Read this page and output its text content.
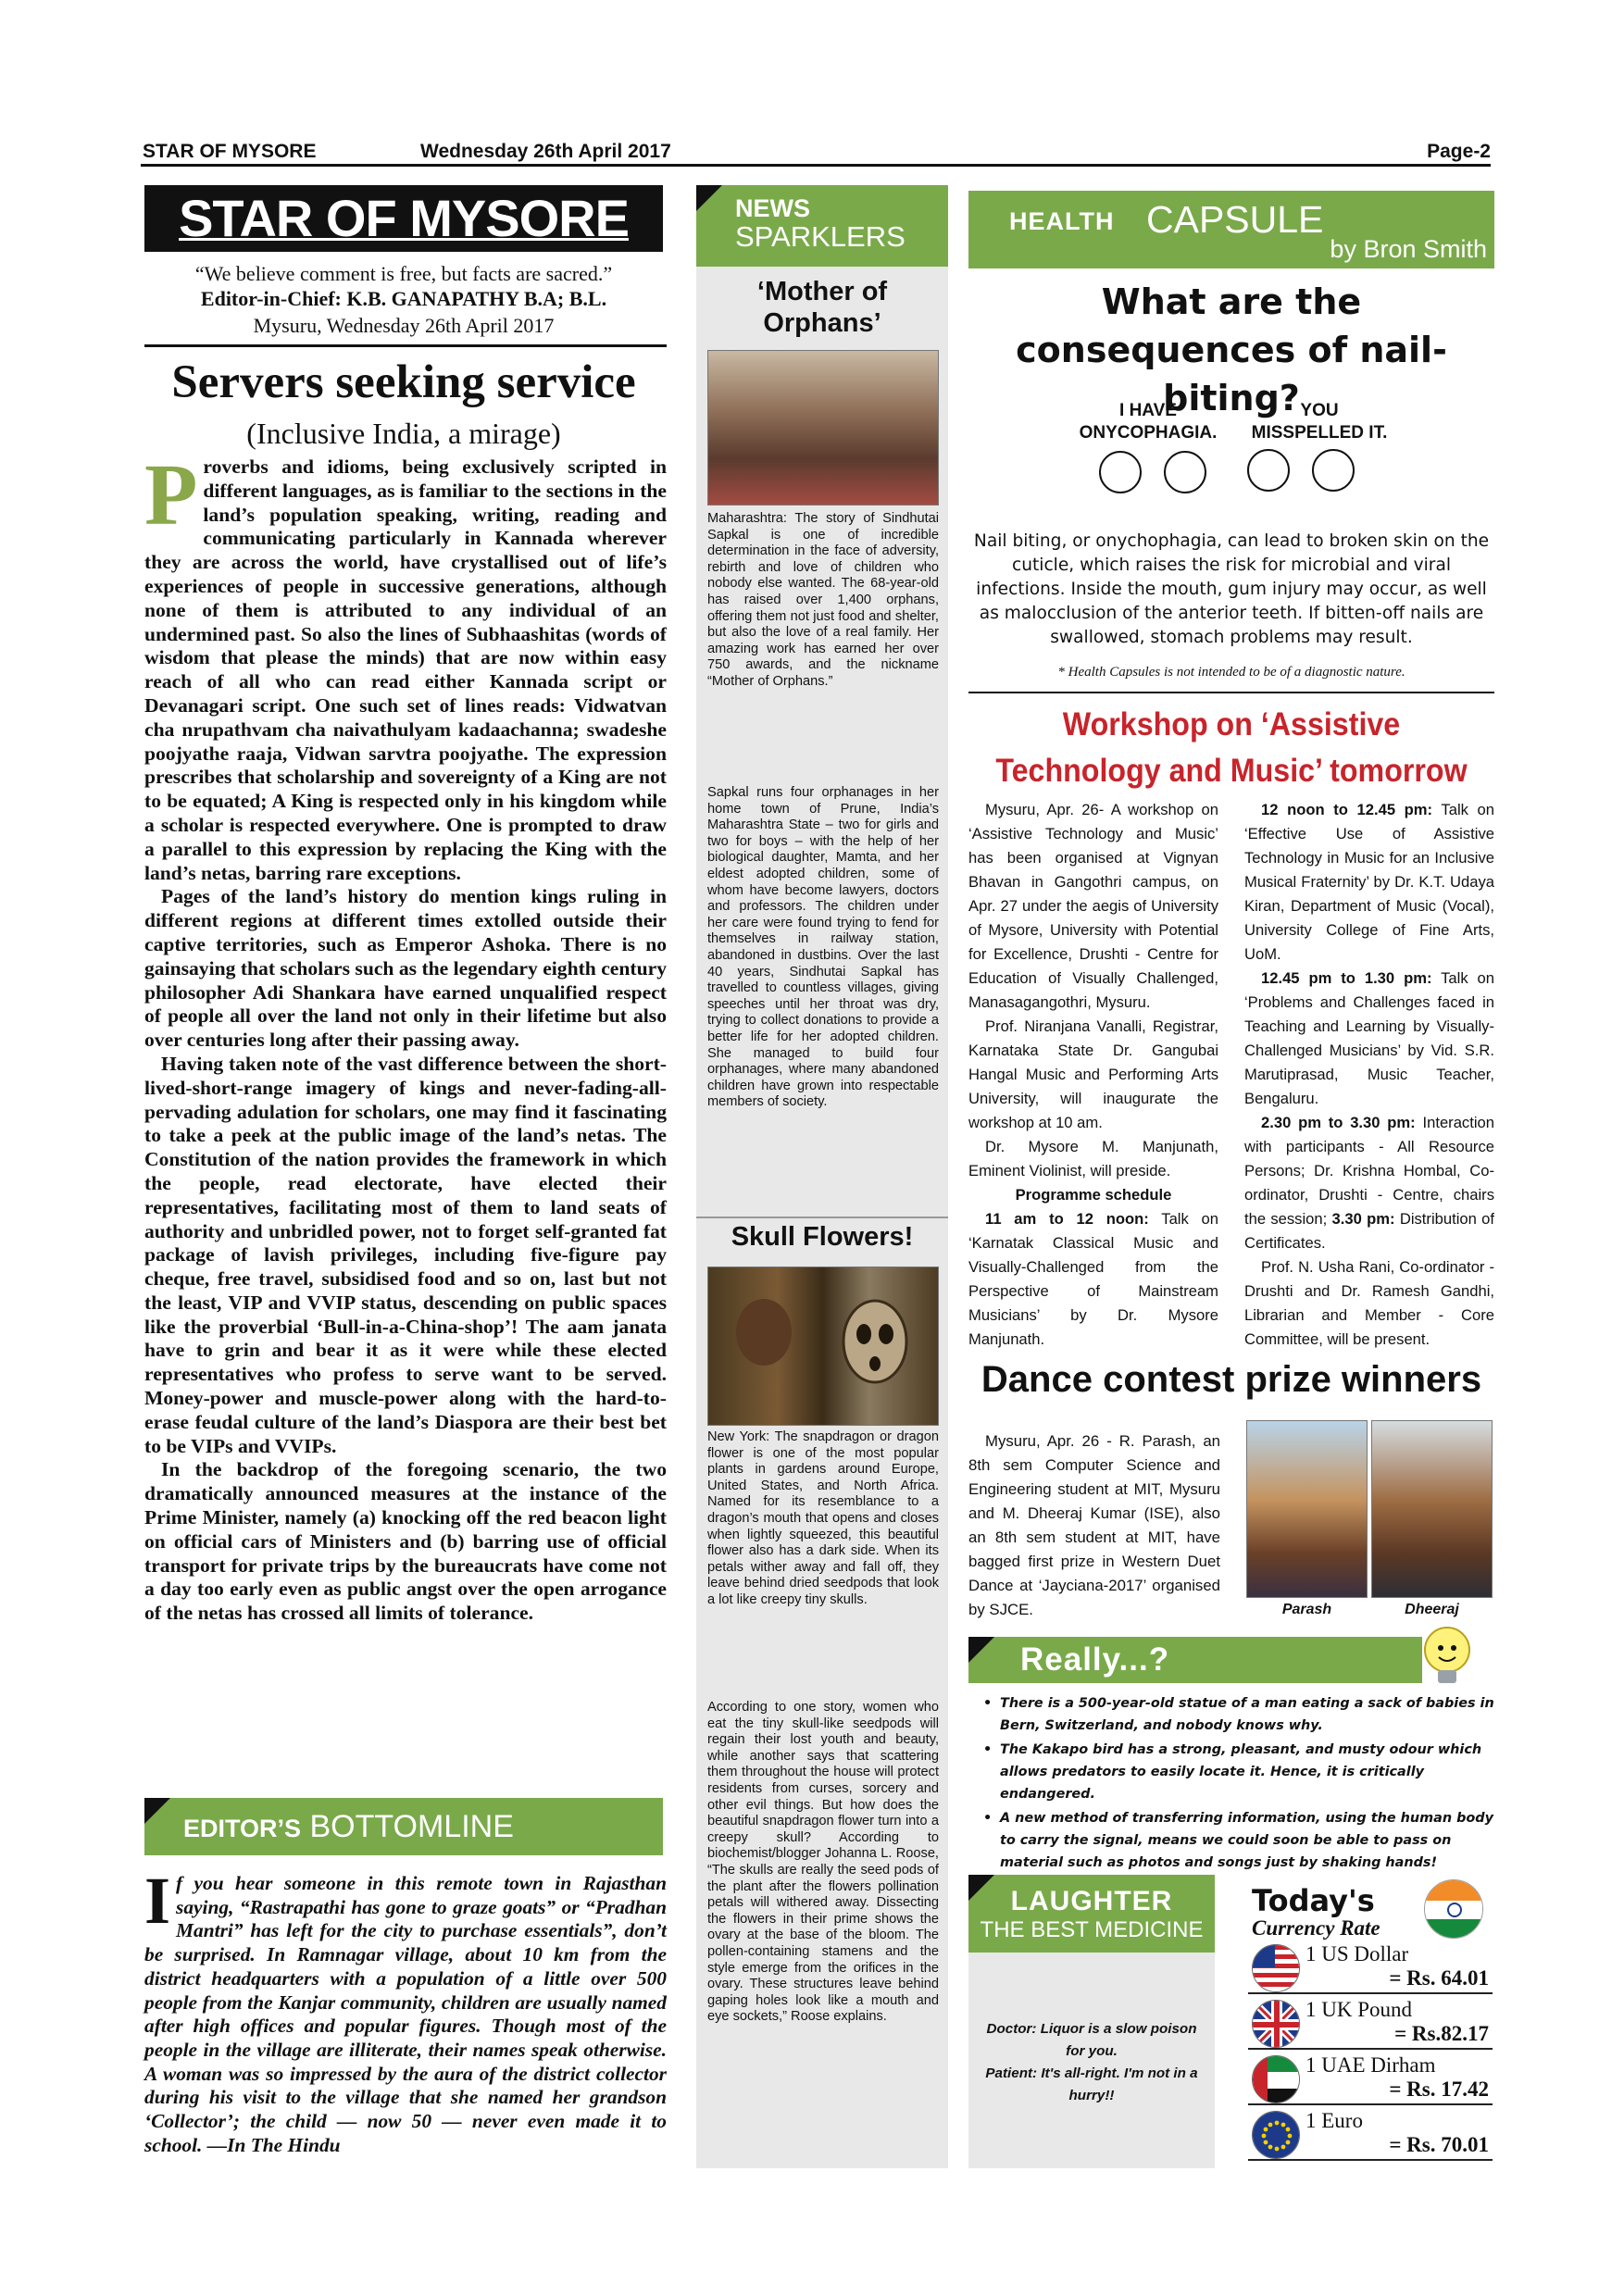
STAR OF MYSORE	Wednesday 26th April 2017	Page-2
STAR OF MYSORE
“We believe comment is free, but facts are sacred.”
Editor-in-Chief: K.B. GANAPATHY B.A; B.L.
Mysuru, Wednesday 26th April 2017
Servers seeking service
(Inclusive India, a mirage)

Proverbs and idioms, being exclusively scripted in different languages, as is familiar to the sections in the land’s population speaking, writing, reading and communicating particularly in Kannada wherever they are across the world, have crystallised out of life’s experiences of people in successive generations, although none of them is attributed to any individual of an undermined past. So also the lines of Subhaashitas (words of wisdom that please the minds) that are now within easy reach of all who can read either Kannada script or Devanagari script. One such set of lines reads: Vidwatvan cha nrupathvam cha naivathulyam kadaachanna; swadeshe poojyathe raaja, Vidwan sarvtra poojyathe. The expression prescribes that scholarship and sovereignty of a King are not to be equated; A King is respected only in his kingdom while a scholar is respected everywhere. One is prompted to draw a parallel to this expression by replacing the King with the land’s netas, barring rare exceptions.

Pages of the land’s history do mention kings ruling in different regions at different times extolled outside their captive territories, such as Emperor Ashoka. There is no gainsaying that scholars such as the legendary eighth century philosopher Adi Shankara have earned unqualified respect of people all over the land not only in their lifetime but also over centuries long after their passing away.

Having taken note of the vast difference between the short-lived-short-range imagery of kings and never-fading-all-pervading adulation for scholars, one may find it fascinating to take a peek at the public image of the land’s netas. The Constitution of the nation provides the framework in which the people, read electorate, have elected their representatives, facilitating most of them to land seats of authority and unbridled power, not to forget self-granted fat package of lavish privileges, including five-figure pay cheque, free travel, subsidised food and so on, last but not the least, VIP and VVIP status, descending on public spaces like the proverbial ‘Bull-in-a-China-shop’! The aam janata have to grin and bear it as it were while these elected representatives who profess to serve want to be served. Money-power and muscle-power along with the hard-to-erase feudal culture of the land’s Diaspora are their best bet to be VIPs and VVIPs.

In the backdrop of the foregoing scenario, the two dramatically announced measures at the instance of the Prime Minister, namely (a) knocking off the red beacon light on official cars of Ministers and (b) barring use of official transport for private trips by the bureaucrats have come not a day too early even as public angst over the open arrogance of the netas has crossed all limits of tolerance.

EDITOR’S BOTTOMLINE
If you hear someone in this remote town in Rajasthan saying, “Rastrapathi has gone to graze goats” or “Pradhan Mantri” has left for the city to purchase essentials”, don’t be surprised. In Ramnagar village, about 10 km from the district headquarters with a population of a little over 500 people from the Kanjar community, children are usually named after high offices and popular figures. Though most of the people in the village are illiterate, their names speak otherwise. A woman was so impressed by the aura of the district collector during his visit to the village that she named her grandson ‘Collector’; the child — now 50 — never even made it to school. —In The Hindu
NEWS
SPARKLERS
‘Mother of Orphans’
Maharashtra: The story of Sindhutai Sapkal is one of incredible determination in the face of adversity, rebirth and love of children who nobody else wanted. The 68-year-old has raised over 1,400 orphans, offering them not just food and shelter, but also the love of a real family. Her amazing work has earned her over 750 awards, and the nickname “Mother of Orphans.”
Sapkal runs four orphanages in her home town of Prune, India’s Maharashtra State – two for girls and two for boys – with the help of her biological daughter, Mamta, and her eldest adopted children, some of whom have become lawyers, doctors and professors. The children under her care were found trying to fend for themselves in railway station, abandoned in dustbins. Over the last 40 years, Sindhutai Sapkal has travelled to countless villages, giving speeches until her throat was dry, trying to collect donations to provide a better life for her adopted children. She managed to build four orphanages, where many abandoned children have grown into respectable members of society.
Skull Flowers!
New York: The snapdragon or dragon flower is one of the most popular plants in gardens around Europe, United States, and North Africa. Named for its resemblance to a dragon’s mouth that opens and closes when lightly squeezed, this beautiful flower also has a dark side. When its petals wither away and fall off, they leave behind dried seedpods that look a lot like creepy tiny skulls.
According to one story, women who eat the tiny skull-like seedpods will regain their lost youth and beauty, while another says that scattering them throughout the house will protect residents from curses, sorcery and other evil things. But how does the beautiful snapdragon flower turn into a creepy skull? According to biochemist/blogger Johanna L. Roose, “The skulls are really the seed pods of the plant after the flowers pollination petals will withered away. Dissecting the flowers in their prime shows the ovary at the base of the bloom. The pollen-containing stamens and the style emerge from the orifices in the ovary. These structures leave behind gaping holes look like a mouth and eye sockets,” Roose explains.
HEALTH CAPSULE
by Bron Smith
What are the consequences of nail-biting?
I HAVE ONYCOPHAGIA.
YOU MISSPELLED IT.
Nail biting, or onychophagia, can lead to broken skin on the cuticle, which raises the risk for microbial and viral infections. Inside the mouth, gum injury may occur, as well as malocclusion of the anterior teeth. If bitten-off nails are swallowed, stomach problems may result.
* Health Capsules is not intended to be of a diagnostic nature.
Workshop on ‘Assistive Technology and Music’ tomorrow

Mysuru, Apr. 26- A workshop on ‘Assistive Technology and Music’ has been organised at Vignyan Bhavan in Gangothri campus, on Apr. 27 under the aegis of University of Mysore, University with Potential for Excellence, Drushti - Centre for Education of Visually Challenged, Manasagangothri, Mysuru.

Prof. Niranjana Vanalli, Registrar, Karnataka State Dr. Gangubai Hangal Music and Performing Arts University, will inaugurate the workshop at 10 am.

Dr. Mysore M. Manjunath, Eminent Violinist, will preside.

Programme schedule

11 am to 12 noon: Talk on ‘Karnatak Classical Music and Visually-Challenged from the Perspective of Mainstream Musicians’ by Dr. Mysore Manjunath.

12 noon to 12.45 pm: Talk on ‘Effective Use of Assistive Technology in Music for an Inclusive Musical Fraternity’ by Dr. K.T. Udaya Kiran, Department of Music (Vocal), University College of Fine Arts, UoM.

12.45 pm to 1.30 pm: Talk on ‘Problems and Challenges faced in Teaching and Learning by Visually-Challenged Musicians’ by Vid. S.R. Marutiprasad, Music Teacher, Bengaluru.

2.30 pm to 3.30 pm: Interaction with participants - All Resource Persons; Dr. Krishna Hombal, Co-ordinator, Drushti - Centre, chairs the session; 3.30 pm: Distribution of Certificates.

Prof. N. Usha Rani, Co-ordinator - Drushti and Dr. Ramesh Gandhi, Librarian and Member - Core Committee, will be present.

Dance contest prize winners
Mysuru, Apr. 26 - R. Parash, an 8th sem Computer Science and Engineering student at MIT, Mysuru and M. Dheeraj Kumar (ISE), also an 8th sem student at MIT, have bagged first prize in Western Duet Dance at ‘Jayciana-2017’ organised by SJCE.	Parash	Dheeraj
Really...?
• There is a 500-year-old statue of a man eating a sack of babies in Bern, Switzerland, and nobody knows why.
• The Kakapo bird has a strong, pleasant, and musty odour which allows predators to easily locate it. Hence, it is critically endangered.
• A new method of transferring information, using the human body to carry the signal, means we could soon be able to pass on material such as photos and songs just by shaking hands!
LAUGHTER
THE BEST MEDICINE
Doctor: Liquor is a slow poison for you.
Patient: It's all-right. I'm not in a hurry!!
Today's
Currency Rate
1 US Dollar
= Rs. 64.01
1 UK Pound
= Rs.82.17
1 UAE Dirham
= Rs. 17.42
1 Euro
= Rs. 70.01
